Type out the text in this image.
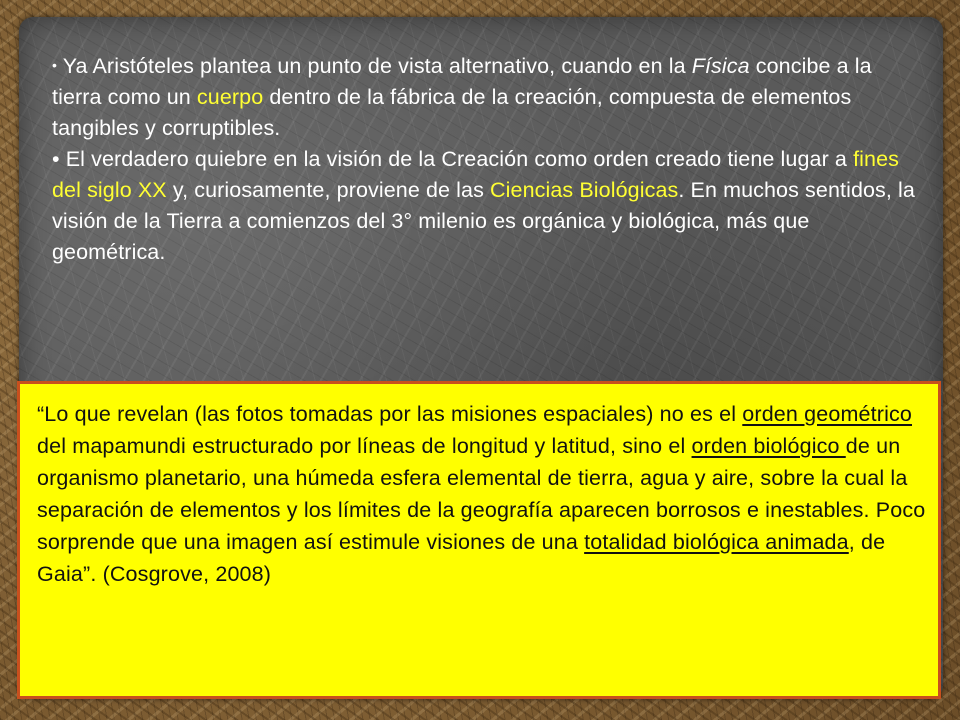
• Ya Aristóteles plantea un punto de vista alternativo, cuando en la Física concibe a la tierra como un cuerpo dentro de la fábrica de la creación, compuesta de elementos tangibles y corruptibles.

• El verdadero quiebre en la visión de la Creación como orden creado tiene lugar a fines del siglo XX y, curiosamente, proviene de las Ciencias Biológicas. En muchos sentidos, la visión de la Tierra a comienzos del 3° milenio es orgánica y biológica, más que geométrica.

“Lo que revelan (las fotos tomadas por las misiones espaciales) no es el orden geométrico del mapamundi estructurado por líneas de longitud y latitud, sino el orden biológico de un organismo planetario, una húmeda esfera elemental de tierra, agua y aire, sobre la cual la separación de elementos y los límites de la geografía aparecen borrosos e inestables. Poco sorprende que una imagen así estimule visiones de una totalidad biológica animada, de Gaia”. (Cosgrove, 2008)
